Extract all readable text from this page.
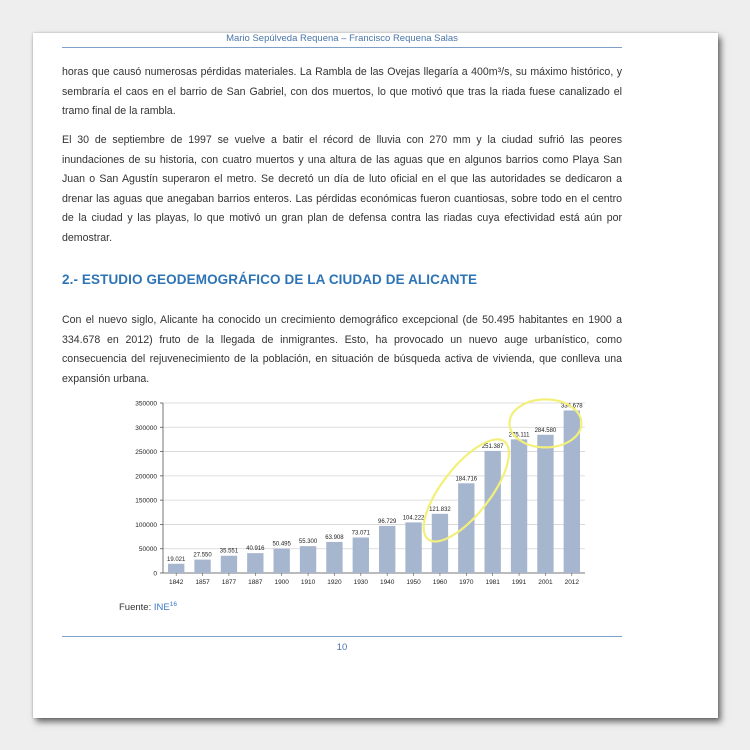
Mario Sepúlveda Requena – Francisco Requena Salas

horas que causó numerosas pérdidas materiales. La Rambla de las Ovejas llegaría a 400m³/s, su máximo histórico, y sembraría el caos en el barrio de San Gabriel, con dos muertos, lo que motivó que tras la riada fuese canalizado el tramo final de la rambla.

El 30 de septiembre de 1997 se vuelve a batir el récord de lluvia con 270 mm y la ciudad sufrió las peores inundaciones de su historia, con cuatro muertos y una altura de las aguas que en algunos barrios como Playa San Juan o San Agustín superaron el metro. Se decretó un día de luto oficial en el que las autoridades se dedicaron a drenar las aguas que anegaban barrios enteros. Las pérdidas económicas fueron cuantiosas, sobre todo en el centro de la ciudad y las playas, lo que motivó un gran plan de defensa contra las riadas cuya efectividad está aún por demostrar.

2.- ESTUDIO GEODEMOGRÁFICO DE LA CIUDAD DE ALICANTE

Con el nuevo siglo, Alicante ha conocido un crecimiento demográfico excepcional (de 50.495 habitantes en 1900 a 334.678 en 2012) fruto de la llegada de inmigrantes. Esto, ha provocado un nuevo auge urbanístico, como consecuencia del rejuvenecimiento de la población, en situación de búsqueda activa de vivienda, que conlleva una expansión urbana.

0
50000
100000
150000
200000
250000
300000
350000
19.021
1842
27.550
1857
35.551
1877
40.916
1887
50.495
1900
55.300
1910
63.908
1920
73.071
1930
96.729
1940
104.222
1950
121.832
1960
184.716
1970
251.387
1981
275.111
1991
284.580
2001
334.678
2012
Fuente: INE$^{16}$
10
